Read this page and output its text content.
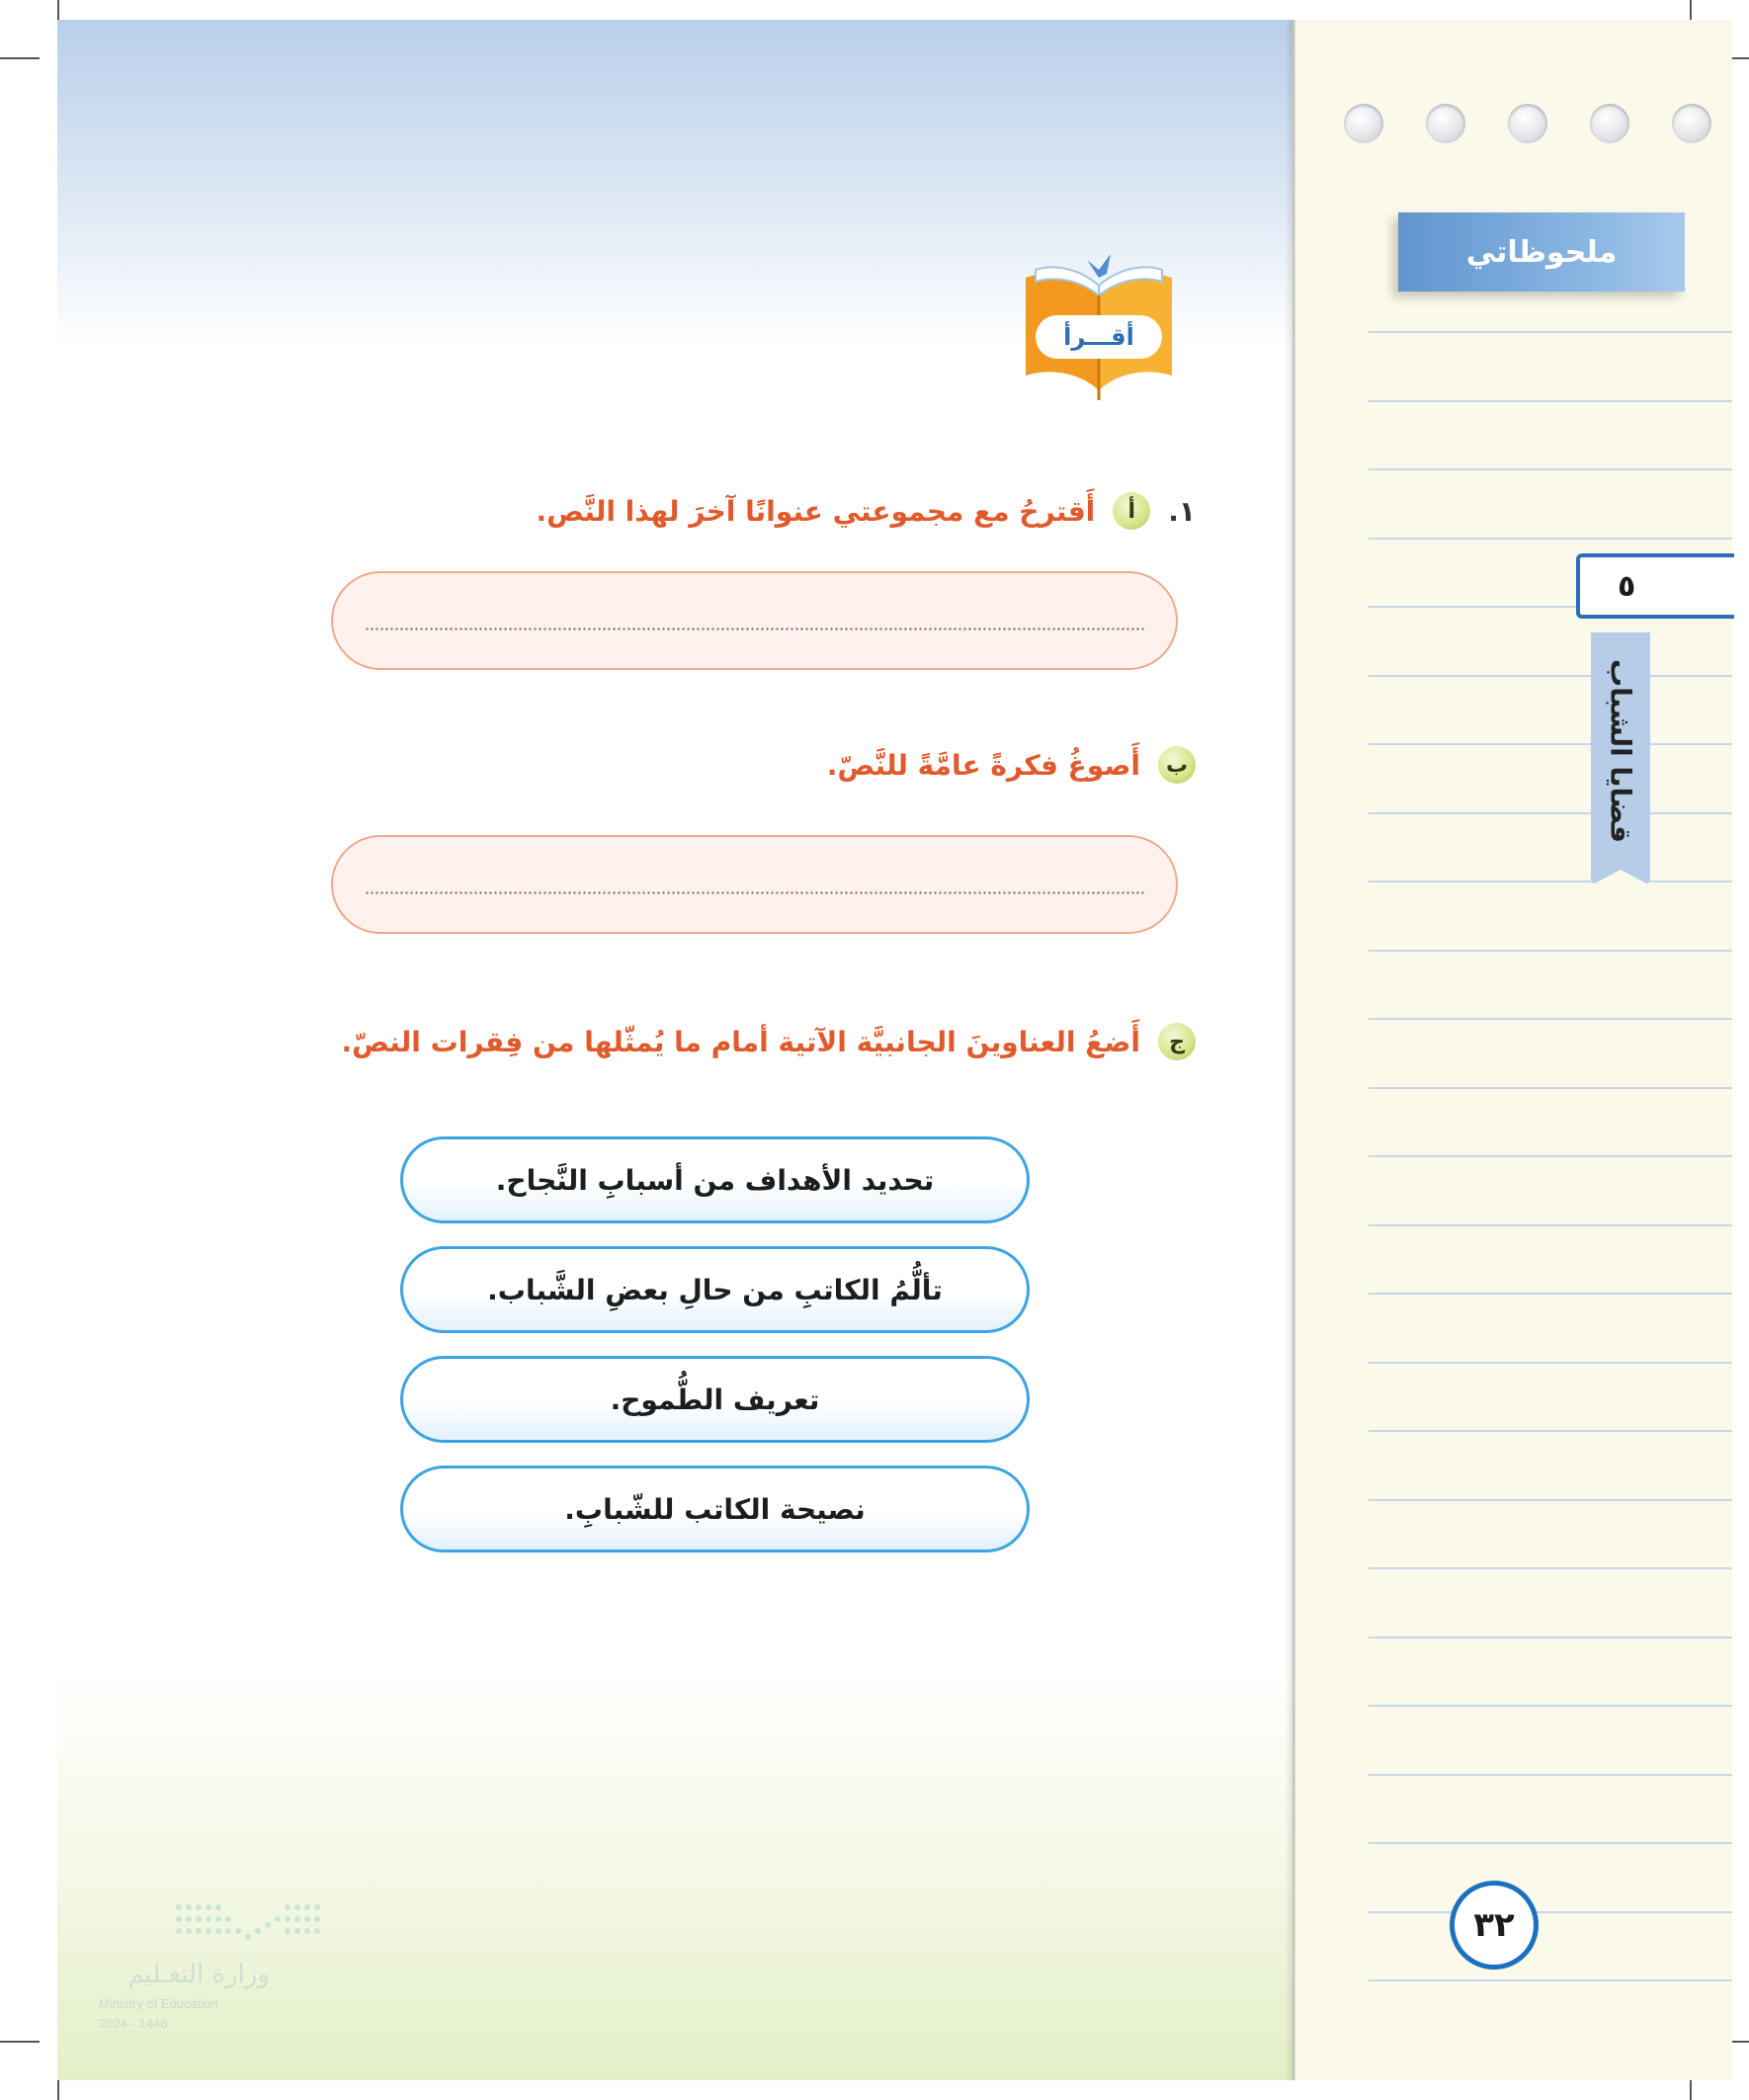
ملحوظاتي
قضايا الشباب
٥
٣٢
أقـــرأ
١.
أ
أَقترحُ مع مجموعتي عنوانًا آخرَ لهذا النَّص.
ب
أَصوغُ فكرةً عامَّةً للنَّصّ.
ج
أَضعُ العناوينَ الجانبيَّة الآتية أمام ما يُمثّلها من فِقرات النصّ.
تحديد الأهداف من أسبابِ النَّجاح.
تألُّمُ الكاتبِ من حالِ بعضِ الشَّباب.
تعريف الطُّموح.
نصيحة الكاتب للشّبابِ.
وزارة التعـليم
Ministry of Education
2024 - 1446
